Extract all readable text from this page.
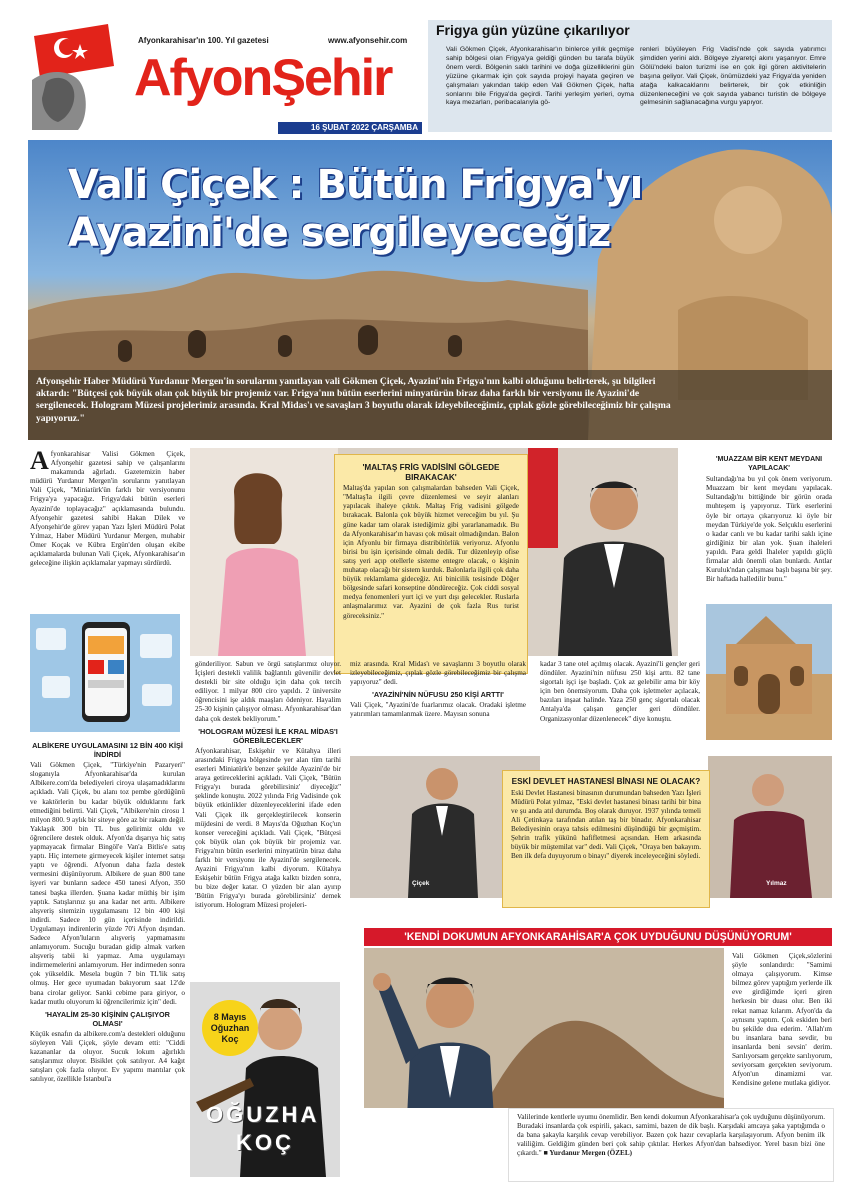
Afyonkarahisar'ın 100. Yıl gazetesi	www.afyonsehir.com
AfyonŞehir
16 ŞUBAT 2022 ÇARŞAMBA
Frigya gün yüzüne çıkarılıyor
Vali Gökmen Çiçek, Afyonkarahisar'ın binlerce yıllık geçmişe sahip bölgesi olan Frigya'ya geldiği günden bu tarafa büyük önem verdi. Bölgenin saklı tarihini ve doğa güzelliklerini gün yüzüne çıkarmak için çok sayıda projeyi hayata geçiren ve çalışmaları yakından takip eden Vali Gökmen Çiçek, hafta sonlarını bile Frigya'da geçirdi. Tarihi yerleşim yerleri, oyma kaya mezarları, peribacalarıyla gö-
renleri büyüleyen Frig Vadisi'nde çok sayıda yatırımcı şimdiden yerini aldı. Bölgeye ziyaretçi akını yaşanıyor. Emre Gölü'ndeki balon turizmi ise en çok ilgi gören aktivitelerin başına geliyor. Vali Çiçek, önümüzdeki yaz Frigya'da yeniden atağa kalkacaklarını belirterek, bir çok etkinliğin düzenleneceğini ve çok sayıda yabancı turistin de bölgeye gelmesinin sağlanacağına vurgu yapıyor.
Vali Çiçek : Bütün Frigya'yı
Ayazini'de sergileyeceğiz
Afyonşehir Haber Müdürü Yurdanur Mergen'in sorularını yanıtlayan vali Gökmen Çiçek, Ayazini'nin Frigya'nın kalbi olduğunu belirterek, şu bilgileri aktardı: "Bütçesi çok büyük olan çok büyük bir projemiz var. Frigya'nın bütün eserlerini minyatürün biraz daha farklı bir versiyonu ile Ayazini'de sergilenecek. Hologram Müzesi projelerimiz arasında. Kral Midas'ı ve savaşları 3 boyutlu olarak izleyebileceğimiz, çıplak gözle görebileceğimiz bir çalışma yapıyoruz."
Afyonkarahisar Valisi Gökmen Çiçek, Afyonşehir gazetesi sahip ve çalışanlarını makamında ağırladı. Gazetemizin haber müdürü Yurdanur Mergen'in sorularını yanıtlayan Vali Çiçek, "Miniatürk'ün farklı bir versiyonunu Frigya'ya yapacağız. Frigya'daki bütün eserleri Ayazini'de toplayacağız" açıklamasında bulundu. Afyonşehir gazetesi sahibi Hakan Dilek ve Afyonşehir'de görev yapan Yazı İşleri Müdürü Polat Yılmaz, Haber Müdürü Yurdanur Mergen, muhabir Ömer Koçak ve Kübra Ergün'den oluşan ekibe açıklamalarda bulunan Vali Çiçek, Afyonkarahisar'ın geleceğine ilişkin açıklamalar yapmayı sürdürdü.
ALBİKERE UYGULAMASINI 12 BİN 400 KİŞİ İNDİRDİ
Vali Gökmen Çiçek, "Türkiye'nin Pazaryeri" sloganıyla Afyonkarahisar'da kurulan Albikere.com'da belediyeleri ciroya ulaşamadıklarını açıkladı. Vali Çiçek, bu alanı toz pembe gördüğünü ve kaktörlerin bu kadar büyük olduklarını fark etmediğini belirtti. Vali Çiçek, "Albikere'nin cirosu 1 milyon 800. 9 aylık bir siteye göre az bir rakam değil. Yaklaşık 300 bin TL bus gelirimiz oldu ve öğrencilere destek olduk. Afyon'da dışarıya hiç satış yapmayacak firmalar Bingöl'e Van'a Bitlis'e satış yaptı. Hiç internete girmeyecek kişiler internet satışı yaptı ve öğrendi. Afyonun daha fazla destek vermesini düşünüyorum. Albikere de şuan 800 tane işyeri var bunların sadece 450 tanesi Afyon, 350 tanesi başka illerden. Şuana kadar müthiş bir işim yaptık. Satışlarınız şu ana kadar net arttı. Albikere alışveriş sitemizin uygulamasını 12 bin 400 kişi indirdi. Sadece 10 gün içerisinde indirildi. Uygulamayı indirenlerin yüzde 70'i Afyon dışından. Sadece Afyon'luların alışveriş yapmamasını anlamıyorum. Sucuğu buradan gidip almak varken alışveriş tabii ki yapmaz. Ama uygulamayı indirmemelerini anlamıyorum. Her indirmeden sonra çok yükseldik. Mesela bugün 7 bin TL'lik satış olmuş. Her gece uyumadan bakıyorum saat 12'de bana cirolar geliyor. Sanki cebime para giriyor, o kadar mutlu oluyorum ki öğrencilerimiz için" dedi.
'HAYALİM 25-30 KİŞİNİN ÇALIŞIYOR OLMASI'
Küçük esnafın da albikere.com'a destekleri olduğunu söyleyen Vali Çiçek, şöyle devam etti: "Ciddi kazananlar da oluyor. Sucuk lokum ağırlıklı satışlarımız oluyor. Bisiklet çok satılıyor. A4 kağıt satışları çok fazla oluyor. Ev yapımı mantılar çok satılıyor, özellikle İstanbul'a
'MALTAŞ FRİG VADİSİNİ GÖLGEDE BIRAKACAK'
Maltaş'da yapılan son çalışmalardan bahseden Vali Çiçek, "Maltaş'la ilgili çevre düzenlemesi ve seyir alanları yapılacak ihaleye çıktık. Maltaş Frig vadisini gölgede bırakacak. Balonla çok büyük hizmet vereceğim bu yıl. Şu güne kadar tam olarak istediğimiz gibi yararlanamadık. Bu da Afyonkarahisar'ın havası çok müsait olmadığından. Balon için Afyonlu bir firmaya distribütörlük veriyoruz. Afyonlu birisi bu işin içerisinde olmalı dedik. Tur düzenleyip ofise satış yeri açıp otellerle sisteme entegre olacak, o kişinin muhatap olacağı bir sistem kurduk. Balonlarla ilgili çok daha büyük reklamlama gideceğiz. Ati binicilik tesisinde Döğer bölgesinde safari konseptine döndüreceğiz. Çok ciddi sosyal medya fenomenleri yurt içi ve yurt dışı gelecekler. Ruslarla anlaşmalarımız var. Ayazini de çok fazla Rus turist göreceksiniz."
gönderiliyor. Sabun ve örgü satışlarımız oluyor. İçişleri destekli valilik bağlantılı güvenilir devlet destekli bir site olduğu için daha çok tercih ediliyor. 1 milyar 800 ciro yapıldı. 2 üniversite öğrencisini işe aldık maaşları ödeniyor. Hayalim 25-30 kişinin çalışıyor olması. Afyonkarahisar'dan daha çok destek bekliyorum."
'HOLOGRAM MÜZESİ İLE KRAL MİDAS'I GÖREBİLECEKLER'
Afyonkarahisar, Eskişehir ve Kütahya illeri arasındaki Frigya bölgesinde yer alan tüm tarihi eserleri Miniatürk'e benzer şekilde Ayazini'de bir araya getireceklerini açıkladı. Vali Çiçek, "Bütün Frigya'yı burada görebilirsiniz' diyeceğiz" şeklinde konuştu. 2022 yılında Frig Vadisinde çok büyük etkinlikler düzenleyeceklerini ifade eden Vali Çiçek ilk gerçekleştirilecek konserin müjdesini de verdi. 8 Mayıs'da Oğuzhan Koç'un konser vereceğini açıkladı. Vali Çiçek, "Bütçesi çok büyük olan çok büyük bir projemiz var. Frigya'nın bütün eserlerini minyatürün biraz daha farklı bir versiyonu ile Ayazini'de sergilenecek. Ayazini Frigya'nın kalbi diyorum. Kütahya Eskişehir bütün Frigya atağa kalktı bizden sonra, bu bize değer katar. O yüzden bir alan ayırıp 'Bütün Frigya'yı burada görebilirsiniz' demek istiyorum. Hologram Müzesi projeleri-
8 Mayıs
Oğuzhan Koç
OĞUZHA
KOÇ
miz arasında. Kral Midas'ı ve savaşlarını 3 boyutlu olarak izleyebileceğimiz, çıplak gözle görebileceğimiz bir çalışma yapıyoruz" dedi.
'AYAZİNİ'NİN NÜFUSU 250 KİŞİ ARTTI'
Vali Çiçek, "Ayazini'de fuarlarımız olacak. Oradaki işletme yatırımları tamamlanmak üzere. Mayısın sonuna
kadar 3 tane otel açılmış olacak. Ayazini'li gençler geri döndüler. Ayazini'nin nüfusu 250 kişi arttı. 82 tane sigortalı işçi işe başladı. Çok az gelebilir ama bir köy için ben önemsiyorum. Daha çok işletmeler açılacak, bazıları inşaat halinde. Yaza 250 genç sigortalı olacak Antalya'da çalışan gençler geri döndüler. Organizasyonlar düzenlenecek" diye konuştu.
'MUAZZAM BİR KENT MEYDANI YAPILACAK'
Sultandağı'na bu yıl çok önem veriyorum. Muazzam bir kent meydanı yapılacak. Sultandağı'nı bittiğinde bir görün orada muhteşem iş yapıyoruz. Türk eserlerini öyle bir ortaya çıkarıyoruz ki öyle bir meydan Türkiye'de yok. Selçuklu eserlerini o kadar canlı ve bu kadar tarihi saklı içine girdiğiniz bir alan yok. Şuan ihaleleri yapıldı. Para geldi İhaleler yapıldı güçlü firmalar aldı önemli olan bunlardı. Antlar Kuruluk'ndan çalışması başlı başına bir şey. Bir haftada halledilir bunu."
Çiçek	Yılmaz
ESKİ DEVLET HASTANESİ BİNASI NE OLACAK?
Eski Devlet Hastanesi binasının durumundan bahseden Yazı İşleri Müdürü Polat yılmaz, "Eski devlet hastanesi binası tarihi bir bina ve şu anda atıl durumda. Boş olarak duruyor. 1937 yılında temeli Ali Çetinkaya tarafından atılan taş bir binadır. Afyonkarahisar Belediyesinin oraya tahsis edilmesini düşündüğü bir geçmiştim. Şehrin trafik yükünü hafifletmesi açısından. Hem arkasında büyük bir müştemilat var" dedi. Vali Çiçek, "Oraya ben bakayım. Ben ilk defa duyuyorum o binayı" diyerek inceleyeceğini söyledi.
'KENDİ DOKUMUN AFYONKARAHİSAR'A ÇOK UYDUĞUNU DÜŞÜNÜYORUM'
Vali Gökmen Çiçek,sözlerini şöyle sonlandırdı: "Samimi olmaya çalışıyorum. Kimse bilmez görev yaptığım yerlerde ilk eve girdiğimde içeri giren herkesin bir duası olur. Ben iki rekat namaz kılarım. Afyon'da da aynısını yaptım. Çok eskiden beri bu şekilde dua ederim. 'Allah'ım bu insanlara bana sevdir, bu insanlarda beni sevsin' derim. Sarılıyorsam gerçekte sarılıyorum, seviyorsam gerçekten seviyorum. Afyon'un dinamizmi var. Kendisine gelene mutlaka gidiyor.
Valilerinde kentlerle uyumu önemlidir. Ben kendi dokumun Afyonkarahisar'a çok uyduğunu düşünüyorum. Buradaki insanlarda çok espirili, şakacı, samimi, bazen de dik başlı. Karşıdaki amcaya şaka yaptığımda o da bana şakayla karşılık cevap verebiliyor. Bazen çok hazır cevaplarla karşılaşıyorum. Afyon benim ilk valiliğim. Geldiğim günden beri çok sahip çıktılar. Herkes Afyon'dan bahsediyor. Yerel basın bizi öne çıkardı." ■ Yurdanur Mergen (ÖZEL)
